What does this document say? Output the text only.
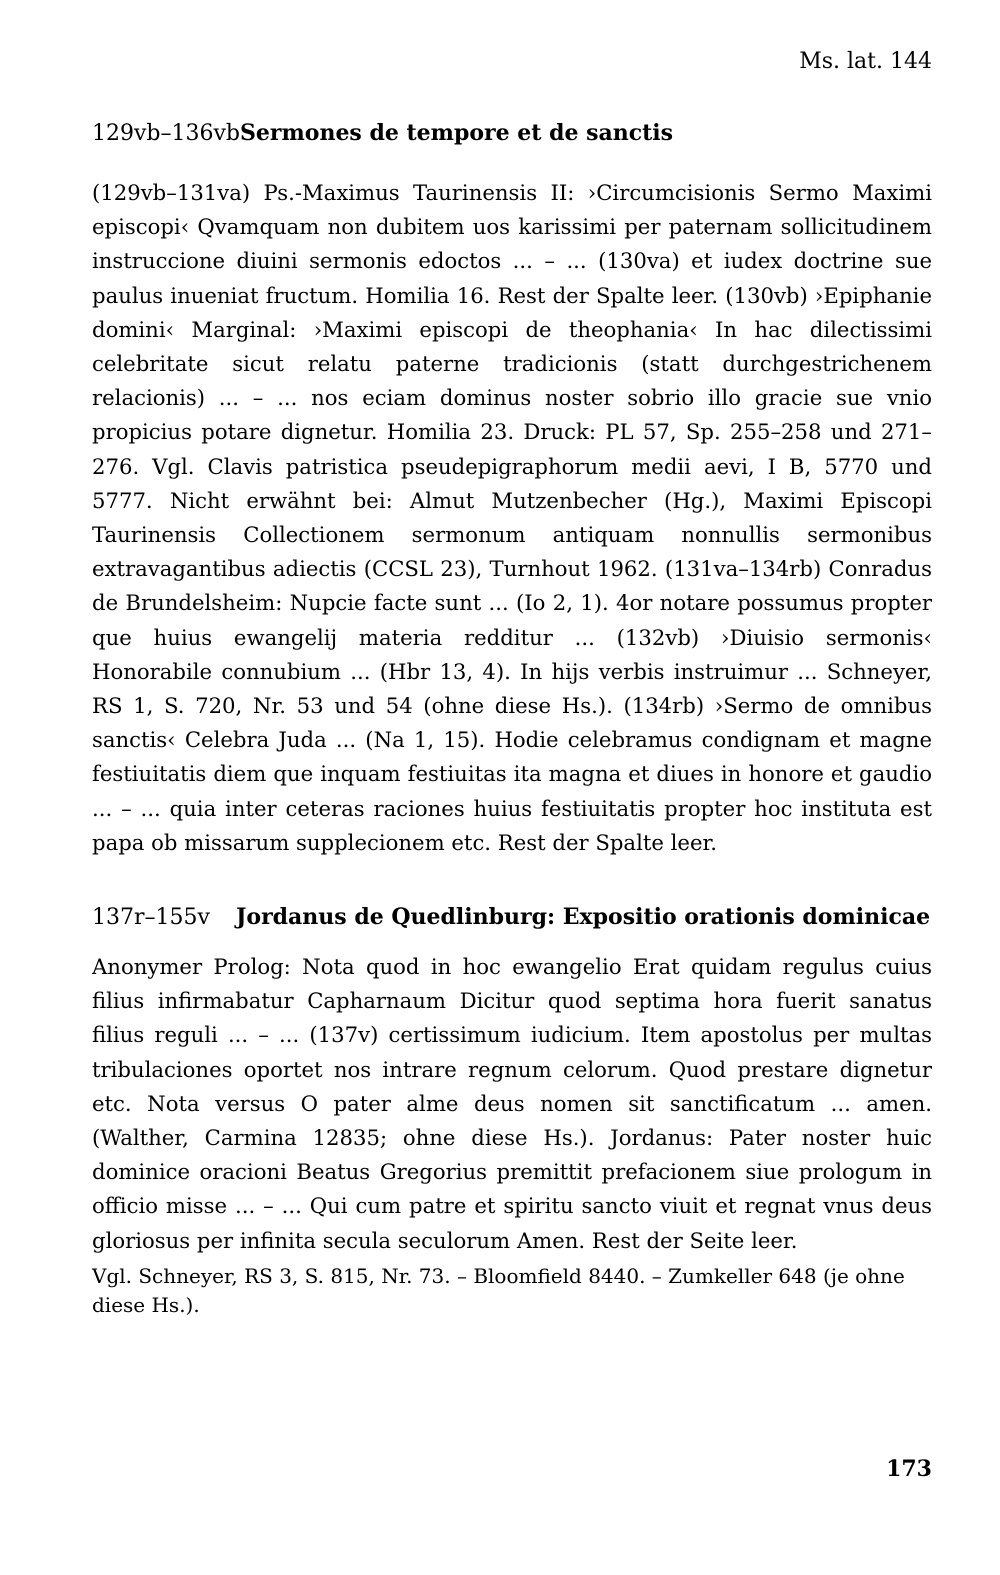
Ms. lat. 144
129vb–136vb Sermones de tempore et de sanctis

(129vb–131va) Ps.-Maximus Taurinensis II: ›Circumcisionis Sermo Maximi episcopi‹ Qvamquam non dubitem uos karissimi per paternam sollicitudinem instruccione diuini sermonis edoctos ... – ... (130va) et iudex doctrine sue paulus inueniat fructum. Homilia 16. Rest der Spalte leer. (130vb) ›Epiphanie domini‹ Marginal: ›Maximi episcopi de theophania‹ In hac dilectissimi celebritate sicut relatu paterne tradicionis (statt durchgestrichenem relacionis) ... – ... nos eciam dominus noster sobrio illo gracie sue vnio propicius potare dignetur. Homilia 23. Druck: PL 57, Sp. 255–258 und 271–276. Vgl. Clavis patristica pseudepigraphorum medii aevi, I B, 5770 und 5777. Nicht erwähnt bei: Almut Mutzenbecher (Hg.), Maximi Episcopi Taurinensis Collectionem sermonum antiquam nonnullis sermonibus extravagantibus adiectis (CCSL 23), Turnhout 1962. (131va–134rb) Conradus de Brundelsheim: Nupcie facte sunt ... (Io 2, 1). 4or notare possumus propter que huius ewangelij materia redditur ... (132vb) ›Diuisio sermonis‹ Honorabile connubium ... (Hbr 13, 4). In hijs verbis instruimur ... Schneyer, RS 1, S. 720, Nr. 53 und 54 (ohne diese Hs.). (134rb) ›Sermo de omnibus sanctis‹ Celebra Juda ... (Na 1, 15). Hodie celebramus condignam et magne festiuitatis diem que inquam festiuitas ita magna et diues in honore et gaudio ... – ... quia inter ceteras raciones huius festiuitatis propter hoc instituta est papa ob missarum supplecionem etc. Rest der Spalte leer.

137r–155v	Jordanus de Quedlinburg: Expositio orationis dominicae

Anonymer Prolog: Nota quod in hoc ewangelio Erat quidam regulus cuius filius infirmabatur Capharnaum Dicitur quod septima hora fuerit sanatus filius reguli ... – ... (137v) certissimum iudicium. Item apostolus per multas tribulaciones oportet nos intrare regnum celorum. Quod prestare dignetur etc. Nota versus O pater alme deus nomen sit sanctificatum ... amen. (Walther, Carmina 12835; ohne diese Hs.). Jordanus: Pater noster huic dominice oracioni Beatus Gregorius premittit prefacionem siue prologum in officio misse ... – ... Qui cum patre et spiritu sancto viuit et regnat vnus deus gloriosus per infinita secula seculorum Amen. Rest der Seite leer.

Vgl. Schneyer, RS 3, S. 815, Nr. 73. – Bloomfield 8440. – Zumkeller 648 (je ohne diese Hs.).
173
